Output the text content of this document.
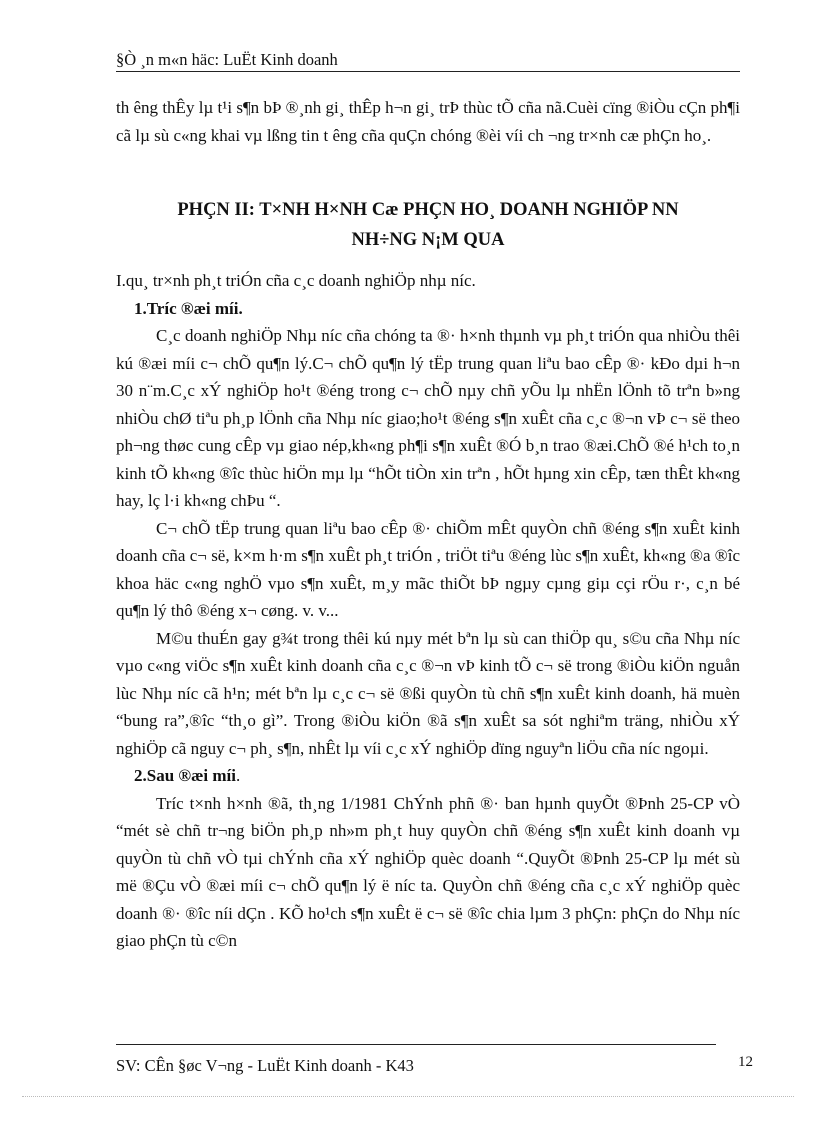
§Ò ¸n m«n häc: LuËt Kinh doanh

th êng thÊy lµ t¹i s¶n bÞ ®¸nh gi¸ thÊp h¬n gi¸ trÞ thùc tÕ cña nã.Cuèi cïng ®iÒu cÇn ph¶i cã lµ sù c«ng khai vµ lßng tin t êng cña quÇn chóng ®èi víi ch ¬ng tr×nh cæ phÇn ho¸.

PHÇN II: T×NH H×NH Cæ PHÇN HO¸ DOANH NGHIÖP NN
NH÷NG N¡M QUA

I.qu¸ tr×nh ph¸t triÓn cña c¸c doanh nghiÖp nhµ níc.

1.Tríc ®æi míi.

C¸c doanh nghiÖp Nhµ níc cña chóng ta ®· h×nh thµnh vµ ph¸t triÓn qua nhiÒu thêi kú ®æi míi c¬ chÕ qu¶n lý.C¬ chÕ qu¶n lý tËp trung quan liªu bao cÊp ®· kÐo dµi h¬n 30 n¨m.C¸c xÝ nghiÖp ho¹t ®éng trong c¬ chÕ nµy chñ yÕu lµ nhËn lÖnh tõ trªn b»ng nhiÒu chØ tiªu ph¸p lÖnh cña Nhµ níc giao;ho¹t ®éng s¶n xuÊt cña c¸c ®¬n vÞ c¬ së theo ph¬ng thøc cung cÊp vµ giao nép,kh«ng ph¶i s¶n xuÊt ®Ó b¸n trao ®æi.ChÕ ®é h¹ch to¸n kinh tÕ kh«ng ®îc thùc hiÖn mµ lµ “hÕt tiÒn xin trªn , hÕt hµng xin cÊp, tæn thÊt kh«ng hay, lç l·i kh«ng chÞu “.

C¬ chÕ tËp trung quan liªu bao cÊp ®· chiÕm mÊt quyÒn chñ ®éng s¶n xuÊt kinh doanh cña c¬ së, k×m h·m s¶n xuÊt ph¸t triÓn , triÖt tiªu ®éng lùc s¶n xuÊt, kh«ng ®a ®îc khoa häc c«ng nghÖ vµo s¶n xuÊt, m¸y mãc thiÕt bÞ ngµy cµng giµ cçi rÖu r·, c¸n bé qu¶n lý thô ®éng x¬ cøng. v. v...

M©u thuÉn gay g¾t trong thêi kú nµy mét bªn lµ sù can thiÖp qu¸ s©u cña Nhµ níc vµo c«ng viÖc s¶n xuÊt kinh doanh cña c¸c ®¬n vÞ kinh tÕ c¬ së trong ®iÒu kiÖn nguån lùc Nhµ níc cã h¹n; mét bªn lµ c¸c c¬ së ®ßi quyÒn tù chñ s¶n xuÊt kinh doanh, hä muèn “bung ra”,®îc “th¸o gì”. Trong ®iÒu kiÖn ®ã s¶n xuÊt sa sót nghiªm träng, nhiÒu xÝ nghiÖp cã nguy c¬ ph¸ s¶n, nhÊt lµ víi c¸c xÝ nghiÖp dïng nguyªn liÖu cña níc ngoµi.

2.Sau ®æi míi.

Tríc t×nh h×nh ®ã, th¸ng 1/1981 ChÝnh phñ ®· ban hµnh quyÕt ®Þnh 25-CP vÒ “mét sè chñ tr¬ng biÖn ph¸p nh»m ph¸t huy quyÒn chñ ®éng s¶n xuÊt kinh doanh vµ quyÒn tù chñ vÒ tµi chÝnh cña xÝ nghiÖp quèc doanh “.QuyÕt ®Þnh 25-CP lµ mét sù më ®Çu vÒ ®æi míi c¬ chÕ qu¶n lý ë níc ta. QuyÒn chñ ®éng cña c¸c xÝ nghiÖp quèc doanh ®· ®îc níi dÇn . KÕ ho¹ch s¶n xuÊt ë c¬ së ®îc chia lµm 3 phÇn: phÇn do Nhµ níc giao phÇn tù c©n

SV: CÊn §øc V¬ng - LuËt Kinh doanh - K43	12
